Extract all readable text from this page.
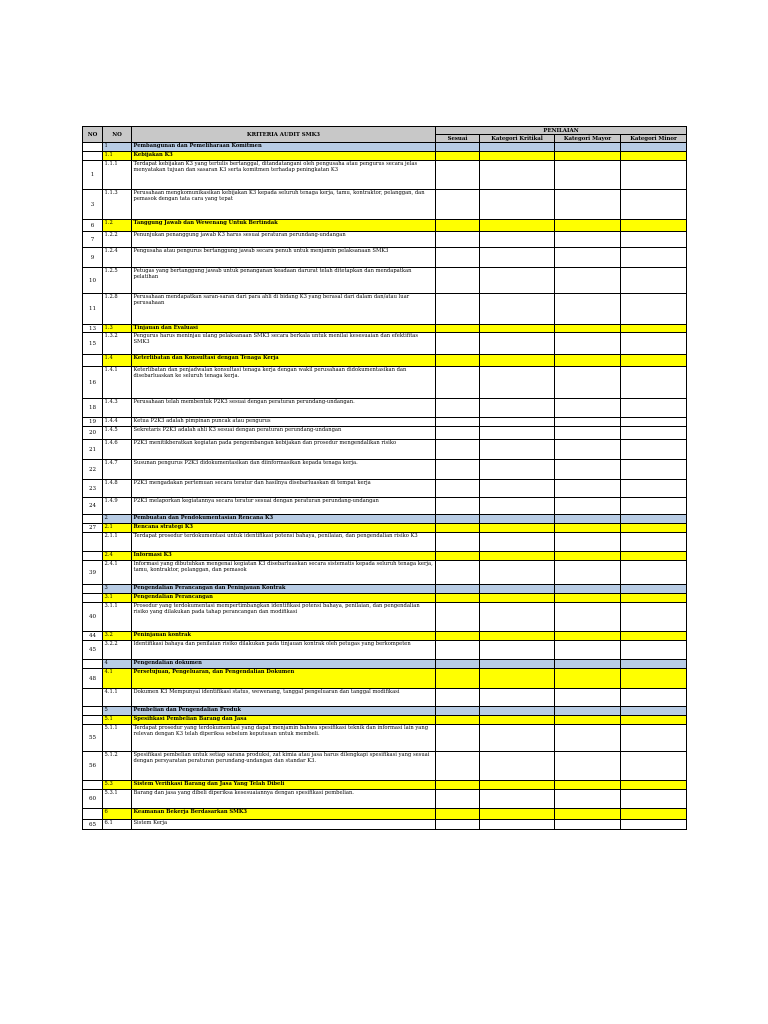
NO	NO	KRITERIA AUDIT SMK3	PENILAIAN			
			Sesuai	Kategori Kritikal	Kategori Mayor	Kategori Minor
	1	Pembangunan dan Pemeliharaan Komitmen				
	1.1	Kebijakan K3				
1	1.1.1	Terdapat kebijakan K3 yang tertulis bertanggal, ditandatangani oleh pengusaha atau pengurus secara jelas menyatakan tujuan dan sasaran K3 serta komitmen terhadap peningkatan K3				
3	1.1.3	Perusahaan mengkomunikasikan kebijakan K3 kepada seluruh tenaga kerja, tamu, kontraktor, pelanggan, dan pemasok dengan tata cara yang tepat				
6	1.2	Tanggung Jawab dan Wewenang Untuk Bertindak				
7	1.2.2	Penunjukan penanggung jawab K3 harus sesuai peraturan perundang-undangan				
9	1.2.4	Pengusaha atau pengurus bertanggung jawab secara penuh untuk menjamin pelaksanaan SMK3				
10	1.2.5	Petugas yang bertanggung jawab untuk penanganan keadaan darurat telah ditetapkan dan mendapatkan pelatihan				
11	1.2.8	Perusahaan mendapatkan saran-saran dari para ahli di bidang K3 yang berasal dari dalam dan/atau luar perusahaan				
13	1.3	Tinjauan dan Evaluasi				
15	1.3.2	Pengurus harus meninjau ulang pelaksanaan SMK3 secara berkala untuk menilai kesesuaian dan efektifitas SMK3				
	1.4	Keterlibatan dan Konsultasi dengan Tenaga Kerja				
16	1.4.1	Keterlibatan dan penjadwalan konsultasi tenaga kerja dengan wakil perusahaan didokumentasikan dan disebarluaskan ke seluruh tenaga kerja.				
18	1.4.3	Perusahaan telah membentuk P2K3 sesuai dengan peraturan perundang-undangan.				
19	1.4.4	Ketua P2K3 adalah pimpinan puncak atau pengurus				
20	1.4.5	Sekretaris P2K3 adalah ahli K3 sesuai dengan peraturan perundang-undangan				
21	1.4.6	P2K3 menitikberatkan kegiatan pada pengembangan kebijakan dan prosedur mengendalikan risiko				
22	1.4.7	Susunan pengurus P2K3 didokumentasikan dan diinformasikan kepada tenaga kerja.				
23	1.4.8	P2K3 mengadakan pertemuan secara teratur dan hasilnya disebarluaskan di tempat kerja				
24	1.4.9	P2K3 melaporkan kegiatannya secara teratur sesuai dengan peraturan perundang-undangan				
	2	Pembuatan dan Pendokumentasian Rencana K3				
27	2.1	Rencana strategi K3				
	2.1.1	Terdapat prosedur terdokumentasi untuk identifikasi potensi bahaya, penilaian, dan pengendalian risiko K3				
	2.4	Informasi K3				
39	2.4.1	Informasi yang dibutuhkan mengenai kegiatan K3 disebarluaskan secara sistematis kepada seluruh tenaga kerja, tamu, kontraktor, pelanggan, dan pemasok				
	3	Pengendalian Perancangan dan Peninjauan Kontrak				
	3.1	Pengendalian Perancangan				
40	3.1.1	Prosedur yang terdokumentasi mempertimbangkan identifikasi potensi bahaya, penilaian, dan pengendalian risiko yang dilakukan pada tahap perancangan dan modifikasi				
44	3.2	Peninjauan kontrak				
45	3.2.2	Identifikasi bahaya dan penilaian risiko dilakukan pada tinjauan kontrak oleh petugas yang berkompeten				
	4	Pengendalian dokumen				
48	4.1	Persetujuan, Pengeluaran, dan Pengendalian Dokumen				
	4.1.1	Dokumen K3 Mempunyai identifikasi status, wewenang, tanggal pengeluaran dan tanggal modifikasi				
	5	Pembelian dan Pengendalian Produk				
	5.1	Spesifikasi Pembelian Barang dan Jasa				
55	5.1.1	Terdapat prosedur yang terdokumentasi yang dapat menjamin bahwa spesifikasi teknik dan informasi lain yang relevan dengan K3 telah diperiksa sebelum keputusan untuk membeli.				
56	5.1.2	Spesifikasi pembelian untuk setiap sarana produksi, zat kimia atau jasa harus dilengkapi spesifikasi yang sesuai dengan persyaratan peraturan perundang-undangan dan standar K3.				
	5.3	Sistem Verifikasi Barang dan Jasa Yang Telah Dibeli				
60	5.3.1	Barang dan jasa yang dibeli diperiksa kesesuaiannya dengan spesifikasi pembelian.				
	6	Keamanan Bekerja Berdasarkan SMK3				
65	6.1	Sistem Kerja				
